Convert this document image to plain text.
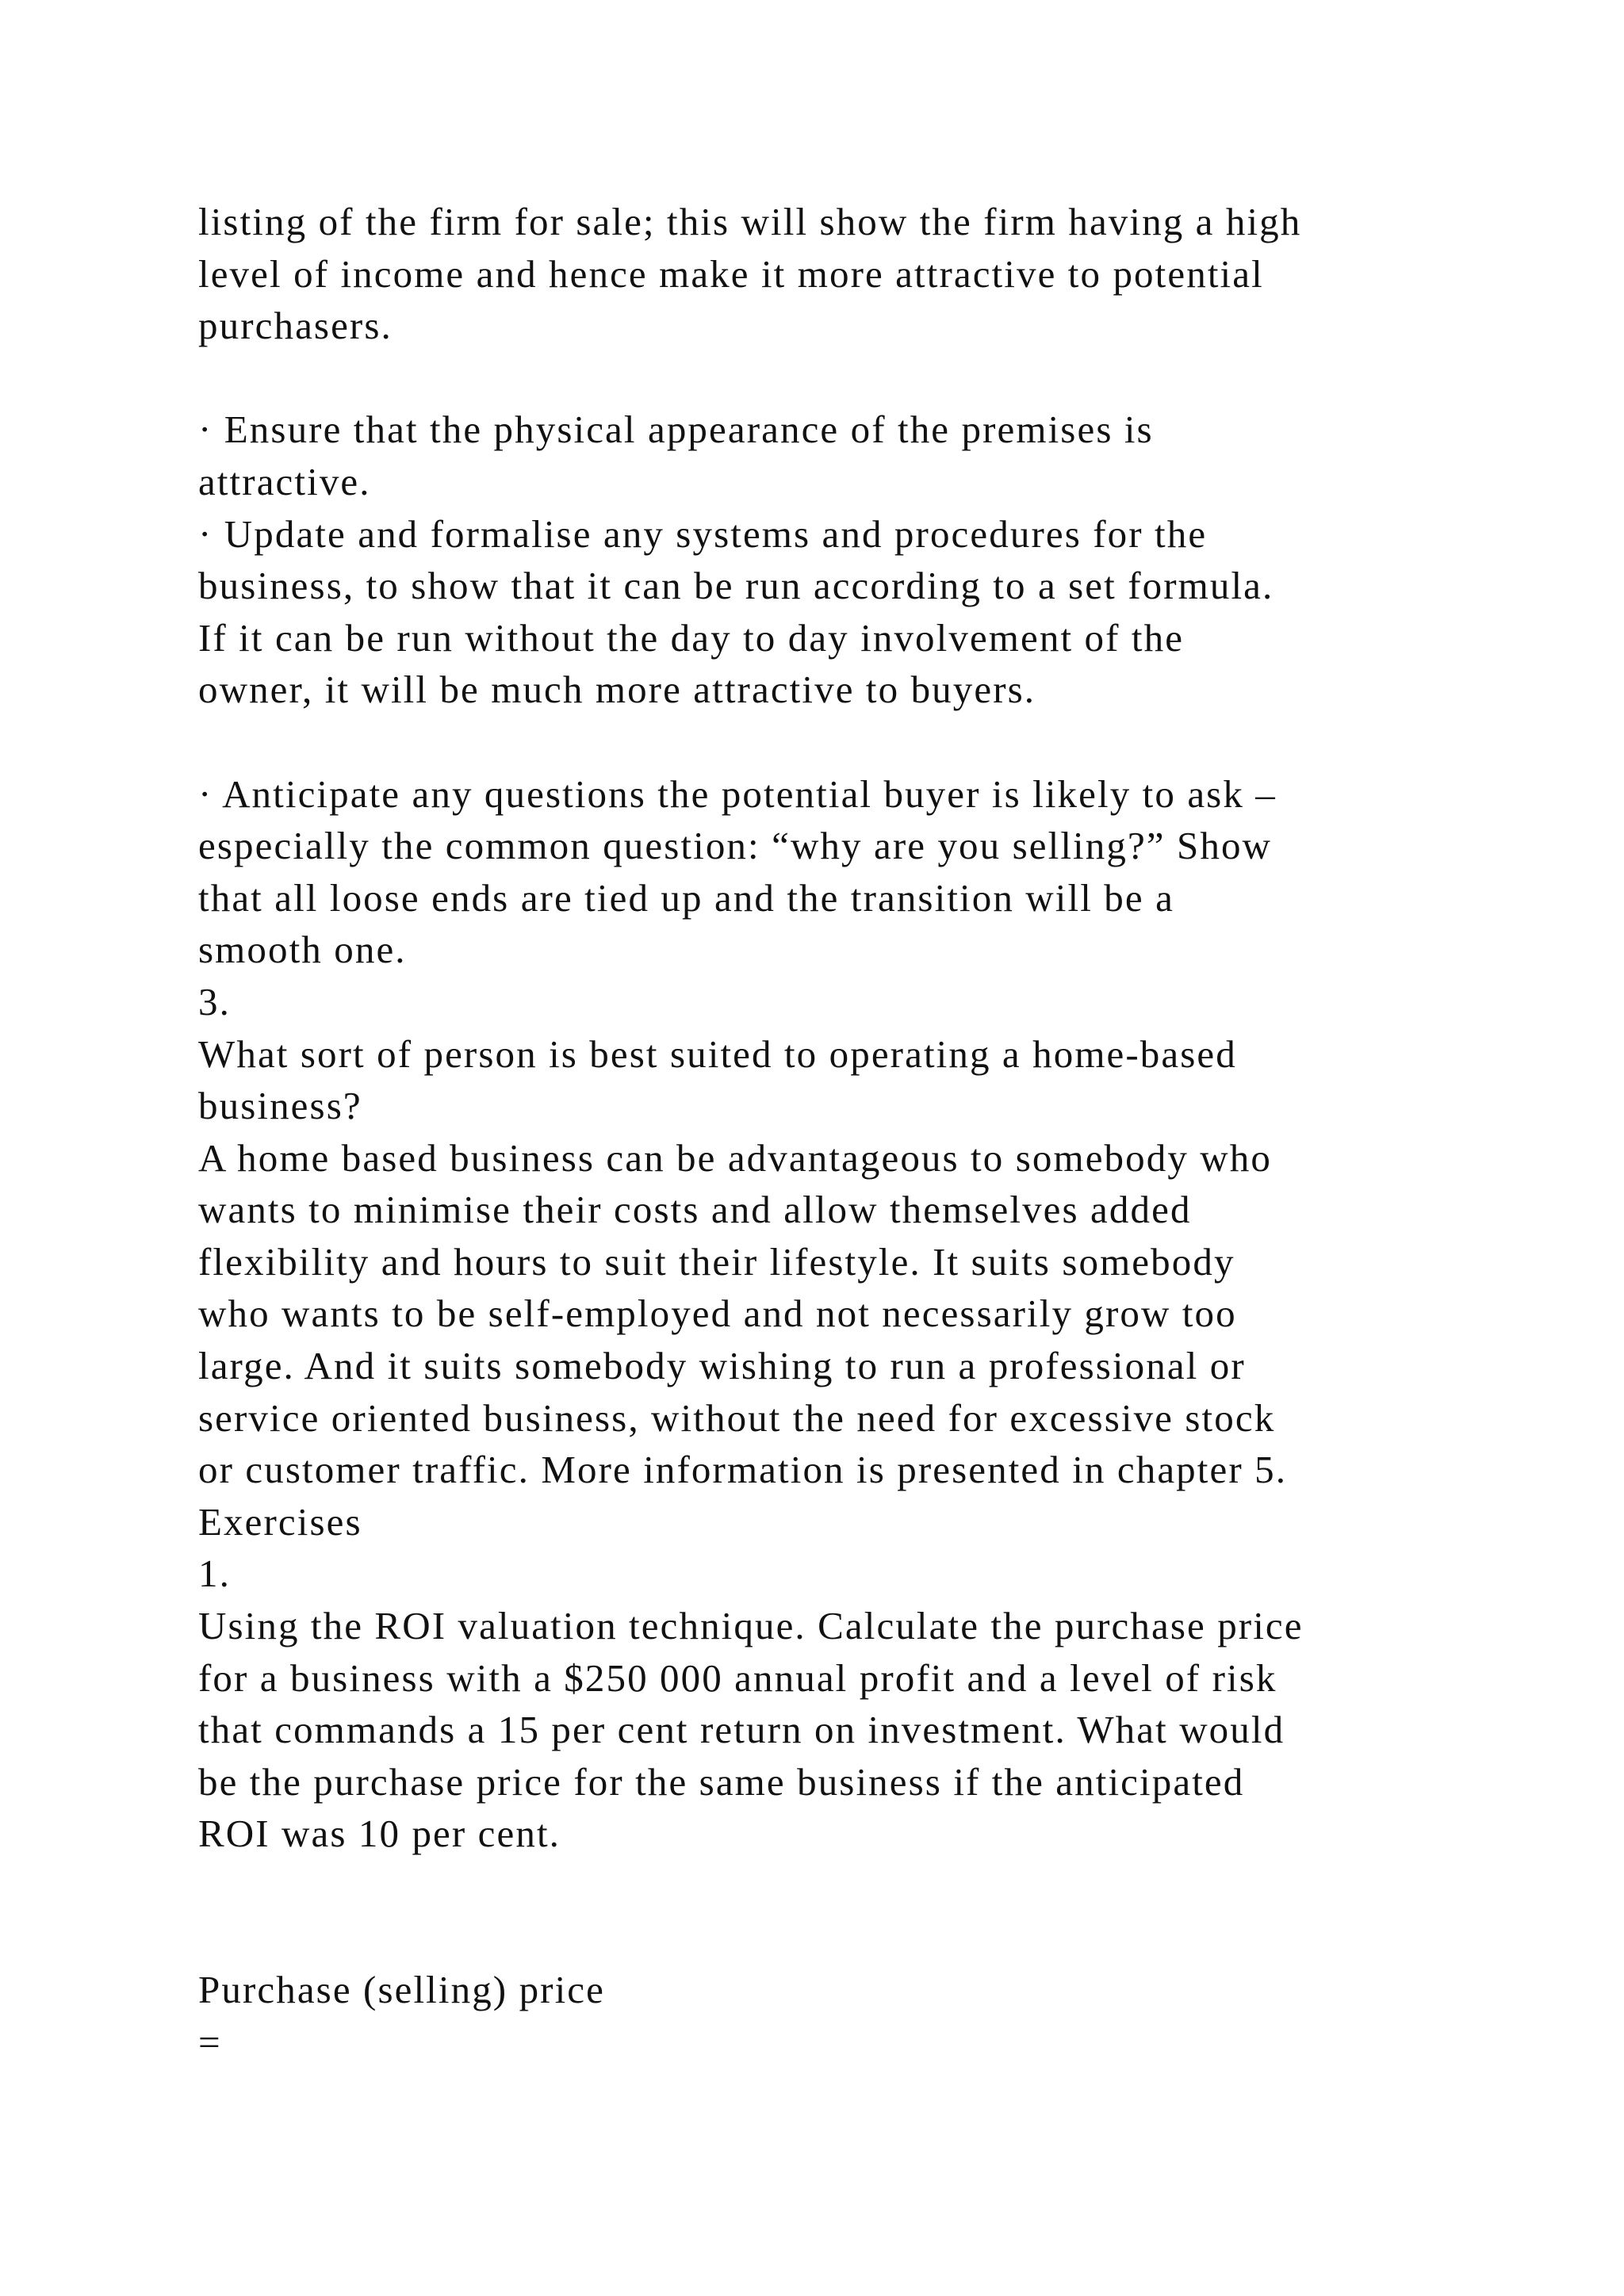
listing of the firm for sale; this will show the firm having a high
level of income and hence make it more attractive to potential
purchasers.
· Ensure that the physical appearance of the premises is
attractive.
· Update and formalise any systems and procedures for the
business, to show that it can be run according to a set formula.
If it can be run without the day to day involvement of the
owner, it will be much more attractive to buyers.
· Anticipate any questions the potential buyer is likely to ask –
especially the common question: “why are you selling?” Show
that all loose ends are tied up and the transition will be a
smooth one.
3.
What sort of person is best suited to operating a home-based
business?
A home based business can be advantageous to somebody who
wants to minimise their costs and allow themselves added
flexibility and hours to suit their lifestyle. It suits somebody
who wants to be self-employed and not necessarily grow too
large. And it suits somebody wishing to run a professional or
service oriented business, without the need for excessive stock
or customer traffic. More information is presented in chapter 5.
Exercises
1.
Using the ROI valuation technique. Calculate the purchase price
for a business with a $250 000 annual profit and a level of risk
that commands a 15 per cent return on investment. What would
be the purchase price for the same business if the anticipated
ROI was 10 per cent.
Purchase (selling) price
=
